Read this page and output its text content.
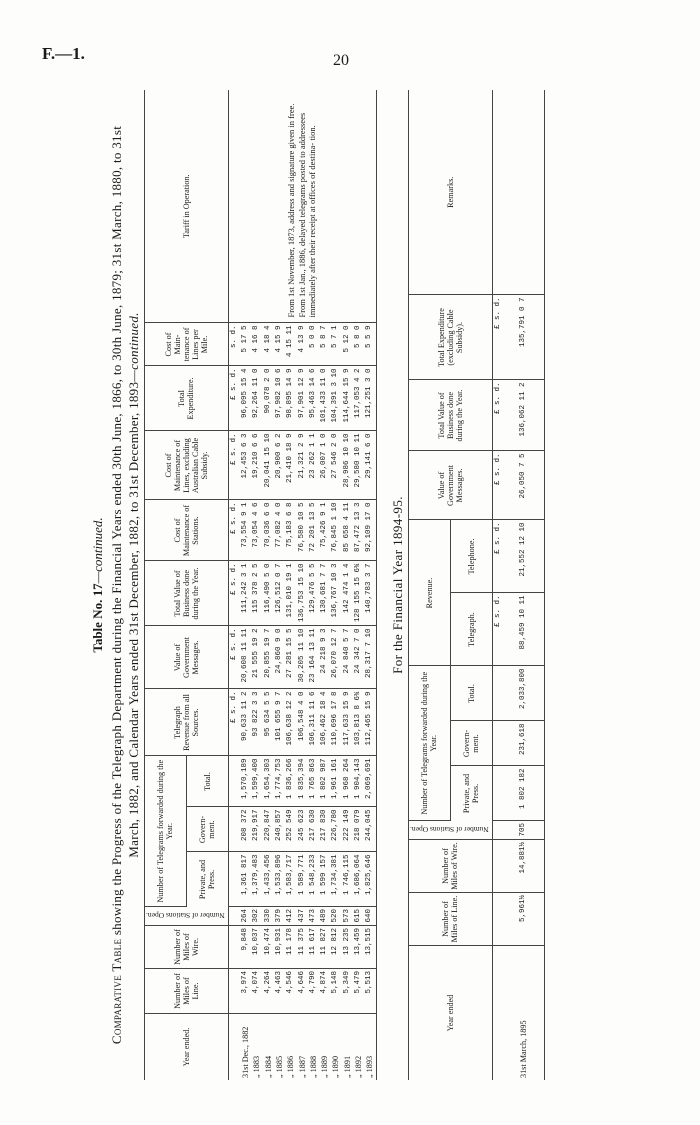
F.—1.	20
Table No. 17—continued.
Comparative Table showing the Progress of the Telegraph Department during the Financial Years ended 30th June, 1866, to 30th June, 1879; 31st March, 1880, to 31st March, 1882, and Calendar Years ended 31st December, 1882, to 31st December, 1893—continued.
Year ended.	Number of Miles of Line.	Number of Miles of Wire.	Number of Stations Open.	Number of Telegrams forwarded during the Year.			Telegraph Revenue from all Sources.	Value of Government Messages.	Total Value of Business done during the Year.	Cost of Maintenance of Stations.	Cost of Maintenance of Lines, excluding Australian Cable Subsidy.	Total Expenditure.	Cost of Main- tenance of Lines per Mile.	Tariff in Operation.
				Private, and Press.	Govern- ment.	Total.								
							£ s. d.	£ s. d.	£ s. d.	£ s. d.	£ s. d.	£ s. d.	s. d.	From 1st November, 1873, address and signature given in free. From 1st Jan., 1886, delayed telegrams posted to addressees immediately after their receipt at offices of destina- tion.
31st Dec., 1882	3,974	9,848	264	1,361 817	208 372	1,570,189	90,633 11 2	20,608 11 11	111,242 3 1	73,554 9 1	12,453 6 3	96,095 15 4	5 17 5	
„ 1883	4,074	10,037	302	1,379,483	219,917	1,599,400	93 822 3 3	21 555 19 2	115 378 2 5	73,054 4 6	19,210 6 6	92,264 11 0	4 16 8	
„ 1884	4,264	10,474	330	1,433,456	220,847	1,654,303	95 634 5 5	20,855 19 7	116,490 5 0	70,036 6 0	20,041 15 10	90,078 2 0	4 18 4	
„ 1885	4,463	10,931	379	1,533,896	240,857	1,774,753	101 655 9 7	24,860 9 0	126,512 0 7	77,082 4 0	20,900 6 2	97,982 10 6	4 15 9	
„ 1886	4,546	11 178	412	1,583,717	252 549	1 836,266	106,638 12 2	27 281 15 5	131,010 19 1	75,183 6 8	21,410 18 9	98,895 14 9	4 15 11	
„ 1887	4,646	11 375	437	1 589,771	245 623	1 835,394	106,548 4 0	30,205 11 10	136,753 15 10	76,580 10 5	21,321 2 9	97,901 12 9	4 13 9	
„ 1888	4,790	11 617	473	1 548,233	217 630	1 765 863	106,311 11 6	23 164 13 11	129,476 5 5	72 201 13 5	23 262 1 1	95,463 14 6	5 0 0	
„ 1889	4,874	11 827	489	1 599 157	217 830	1 802 987	106,462 18 4	24 218 9 3	130,681 7 7	75,426 9 1	26,007 1 0	101,433 11 0	5 8 7	
„ 1890	5,148	12 812	520	1,734,381	226,780	1,961 161	110,696 17 8	26,070 12 7	136,767 10 3	76,845 1 10	27 546 2 0	104,391 3 10	5 7 1	
„ 1891	5,349	13 235	573	1 746,115	222 149	1 968 264	117,633 15 9	24 840 5 7	142 474 1 4	85 658 4 11	28,986 10 10	114,644 15 9	5 12 0	
„ 1892	5,479	13,459	615	1,686,064	218 079	1 904,143	103,813 8 6¾	24 342 7 0	128 155 15 6¾	87,472 13 3	29,580 10 11	117,053 4 2	5 8 0	
„ 1893	5,513	13,515	640	1,825,646	244,045	2,069,691	112,465 15 9	28,317 7 10	140,783 3 7	92,109 17 0	29,141 6 0	121,251 3 0	5 5 9	
For the Financial Year 1894-95.
Year ended	Number of Miles of Line.	Number of Miles of Wire.	Number of Stations Open.	Number of Telegrams forwarded during the Year.			Revenue.		Value of Government Messages.	Total Value of Business done during the Year.	Total Expenditure (excluding Cable Subsidy).	Remarks.
				Private, and Press.	Govern- ment.	Total.	Telegraph.	Telephone.				
							£ s. d.	£ s. d.	£ s. d.	£ s. d.	£ s. d.	
31st March, 1895	5,961½	14,881½	705	1 802 182	231,618	2,033,800	88,459 10 11	21,552 12 10	26,050 7 5	136,062 11 2	135,791 0 7	
